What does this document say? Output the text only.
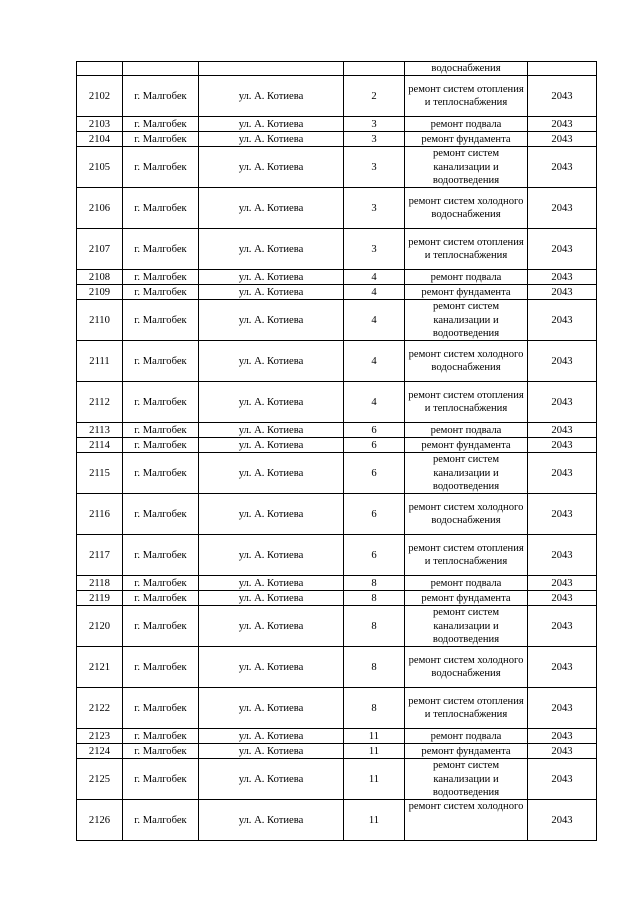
				водоснабжения	
2102	г. Малгобек	ул. А. Котиева	2	ремонт систем отопления и теплоснабжения	2043
2103	г. Малгобек	ул. А. Котиева	3	ремонт подвала	2043
2104	г. Малгобек	ул. А. Котиева	3	ремонт фундамента	2043
2105	г. Малгобек	ул. А. Котиева	3	ремонт систем канализации и водоотведения	2043
2106	г. Малгобек	ул. А. Котиева	3	ремонт систем холодного водоснабжения	2043
2107	г. Малгобек	ул. А. Котиева	3	ремонт систем отопления и теплоснабжения	2043
2108	г. Малгобек	ул. А. Котиева	4	ремонт подвала	2043
2109	г. Малгобек	ул. А. Котиева	4	ремонт фундамента	2043
2110	г. Малгобек	ул. А. Котиева	4	ремонт систем канализации и водоотведения	2043
2111	г. Малгобек	ул. А. Котиева	4	ремонт систем холодного водоснабжения	2043
2112	г. Малгобек	ул. А. Котиева	4	ремонт систем отопления и теплоснабжения	2043
2113	г. Малгобек	ул. А. Котиева	6	ремонт подвала	2043
2114	г. Малгобек	ул. А. Котиева	6	ремонт фундамента	2043
2115	г. Малгобек	ул. А. Котиева	6	ремонт систем канализации и водоотведения	2043
2116	г. Малгобек	ул. А. Котиева	6	ремонт систем холодного водоснабжения	2043
2117	г. Малгобек	ул. А. Котиева	6	ремонт систем отопления и теплоснабжения	2043
2118	г. Малгобек	ул. А. Котиева	8	ремонт подвала	2043
2119	г. Малгобек	ул. А. Котиева	8	ремонт фундамента	2043
2120	г. Малгобек	ул. А. Котиева	8	ремонт систем канализации и водоотведения	2043
2121	г. Малгобек	ул. А. Котиева	8	ремонт систем холодного водоснабжения	2043
2122	г. Малгобек	ул. А. Котиева	8	ремонт систем отопления и теплоснабжения	2043
2123	г. Малгобек	ул. А. Котиева	11	ремонт подвала	2043
2124	г. Малгобек	ул. А. Котиева	11	ремонт фундамента	2043
2125	г. Малгобек	ул. А. Котиева	11	ремонт систем канализации и водоотведения	2043
2126	г. Малгобек	ул. А. Котиева	11	ремонт систем холодного	2043
